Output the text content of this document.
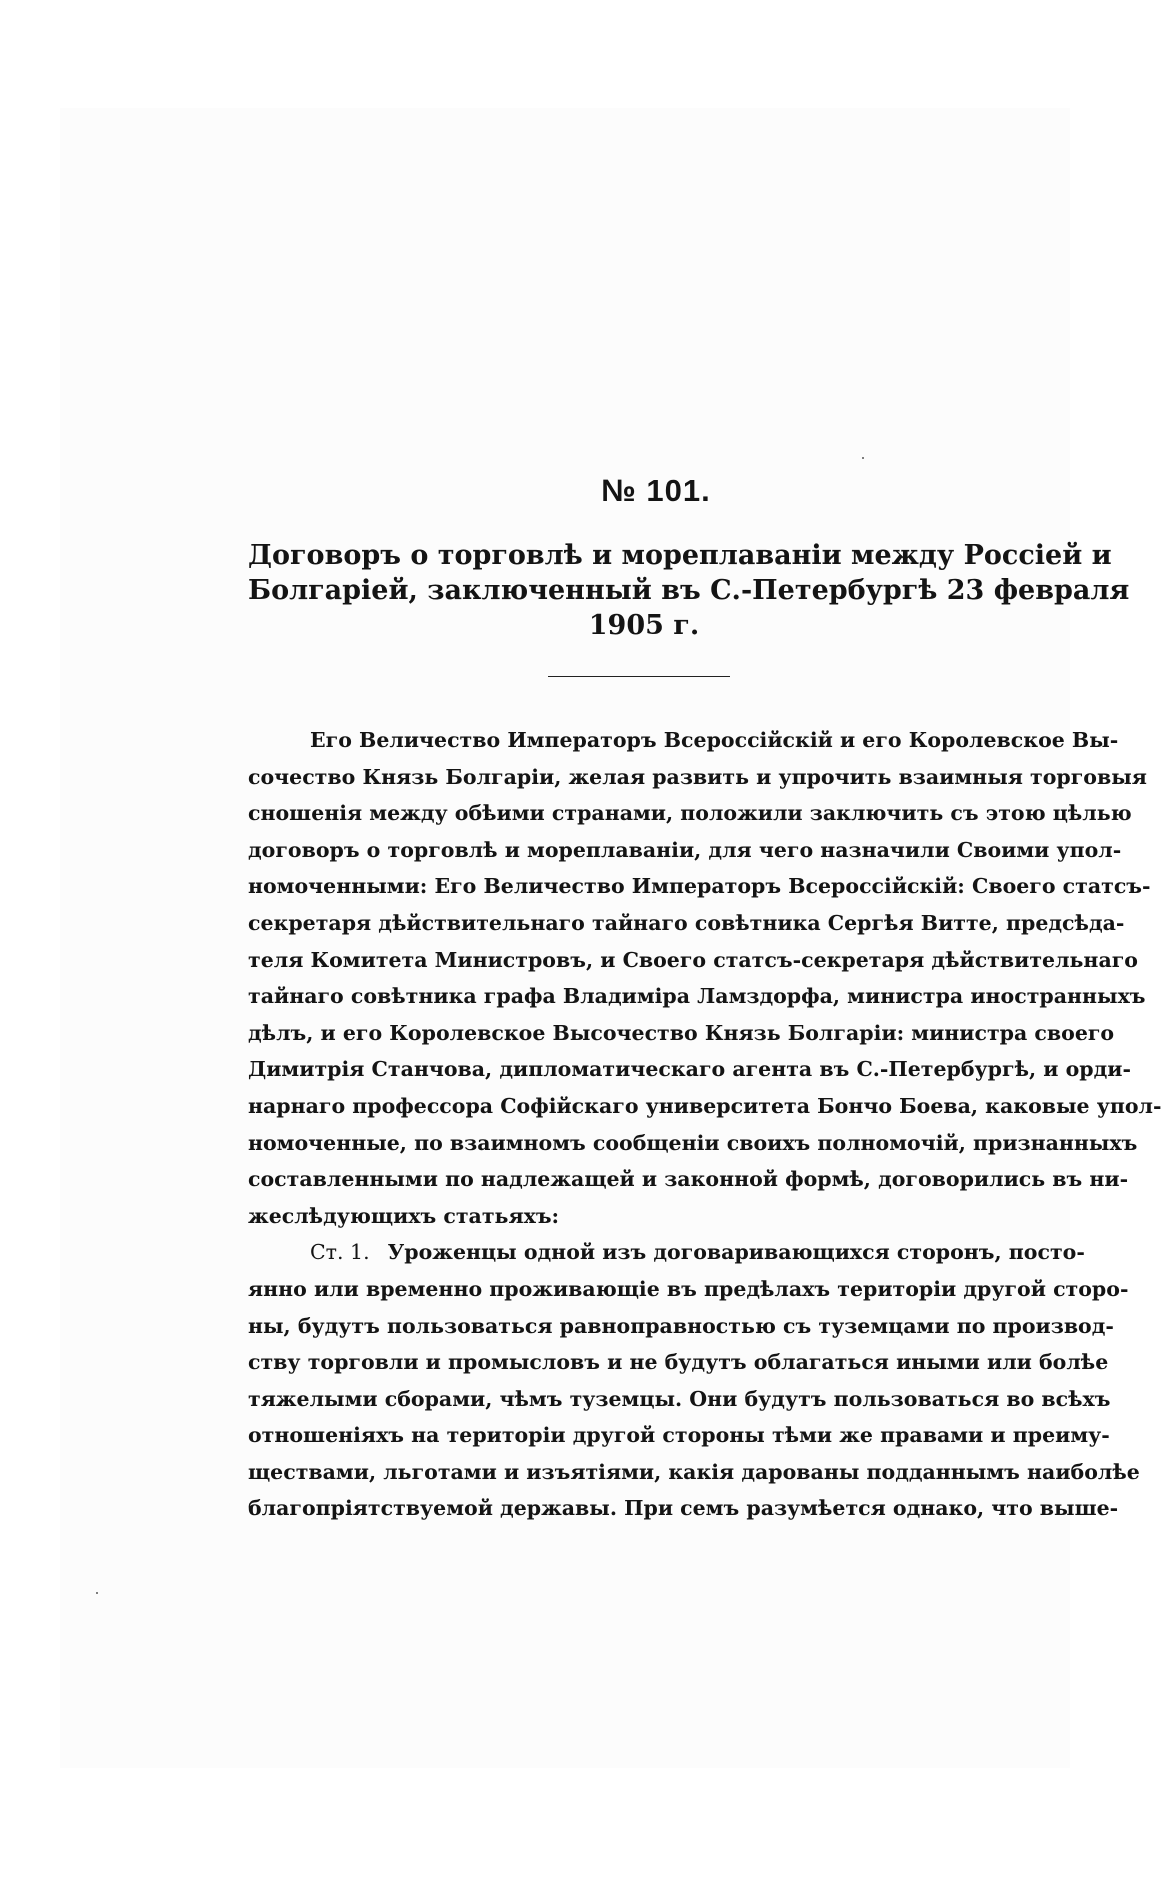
№ 101.
Договоръ о торговлѣ и мореплаваніи между Россіей и
Болгаріей, заключенный въ С.-Петербургѣ 23 февраля
1905 г.
Его Величество Императоръ Всероссійскій и его Королевское Вы-
сочество Князь Болгаріи, желая развить и упрочить взаимныя торговыя
сношенія между обѣими странами, положили заключить съ этою цѣлью
договоръ о торговлѣ и мореплаваніи, для чего назначили Своими упол-
номоченными: Его Величество Императоръ Всероссійскій: Своего статсъ-
секретаря дѣйствительнаго тайнаго совѣтника Сергѣя Витте, предсѣда-
теля Комитета Министровъ, и Своего статсъ-секретаря дѣйствительнаго
тайнаго совѣтника графа Владиміра Ламздорфа, министра иностранныхъ
дѣлъ, и его Королевское Высочество Князь Болгаріи: министра своего
Димитрія Станчова, дипломатическаго агента въ С.-Петербургѣ, и орди-
нарнаго профессора Софійскаго университета Бончо Боева, каковые упол-
номоченные, по взаимномъ сообщеніи своихъ полномочій, признанныхъ
составленными по надлежащей и законной формѣ, договорились въ ни-
жеслѣдующихъ статьяхъ:
Ст. 1. Уроженцы одной изъ договаривающихся сторонъ, посто-
янно или временно проживающіе въ предѣлахъ територіи другой сторо-
ны, будутъ пользоваться равноправностью съ туземцами по производ-
ству торговли и промысловъ и не будутъ облагаться иными или болѣе
тяжелыми сборами, чѣмъ туземцы. Они будутъ пользоваться во всѣхъ
отношеніяхъ на територіи другой стороны тѣми же правами и преиму-
ществами, льготами и изъятіями, какія дарованы подданнымъ наиболѣе
благопріятствуемой державы. При семъ разумѣется однако, что выше-
